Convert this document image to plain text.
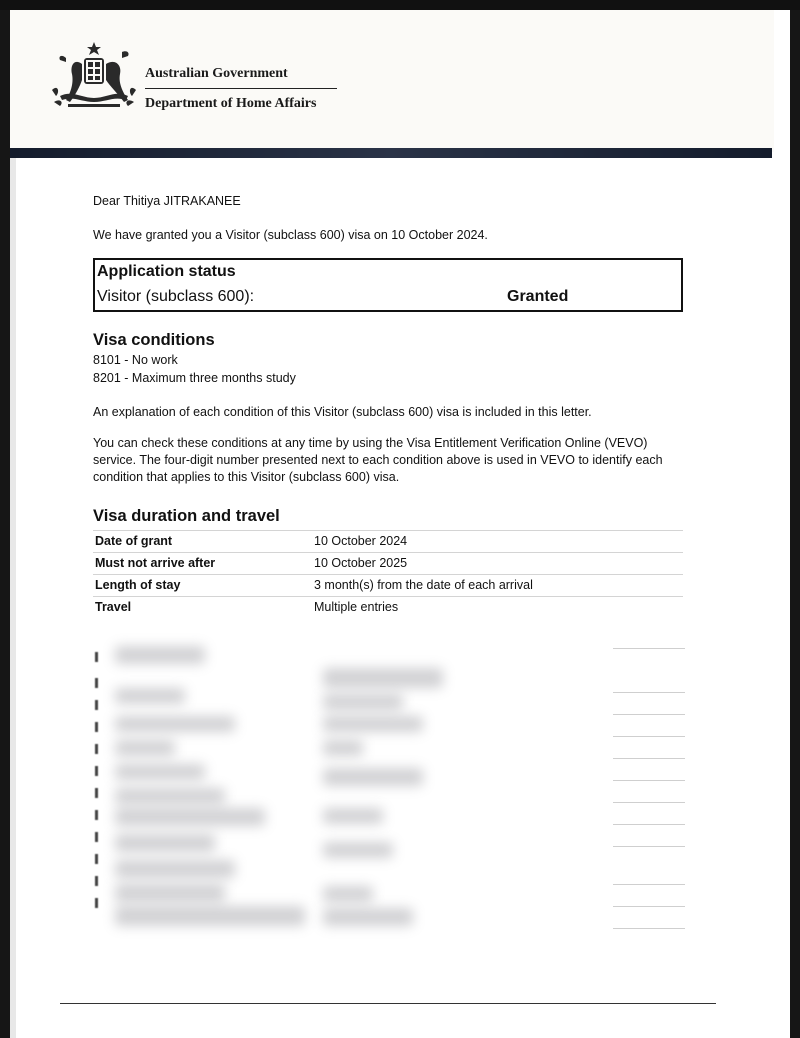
Australian Government
Department of Home Affairs
Dear Thitiya JITRAKANEE
We have granted you a Visitor (subclass 600) visa on 10 October 2024.
Application status
Visitor (subclass 600):	Granted
Visa conditions
8101 - No work
8201 - Maximum three months study
An explanation of each condition of this Visitor (subclass 600) visa is included in this letter.
You can check these conditions at any time by using the Visa Entitlement Verification Online (VEVO) service. The four-digit number presented next to each condition above is used in VEVO to identify each condition that applies to this Visitor (subclass 600) visa.
Visa duration and travel
Date of grant	10 October 2024
Must not arrive after	10 October 2025
Length of stay	3 month(s) from the date of each arrival
Travel	Multiple entries
